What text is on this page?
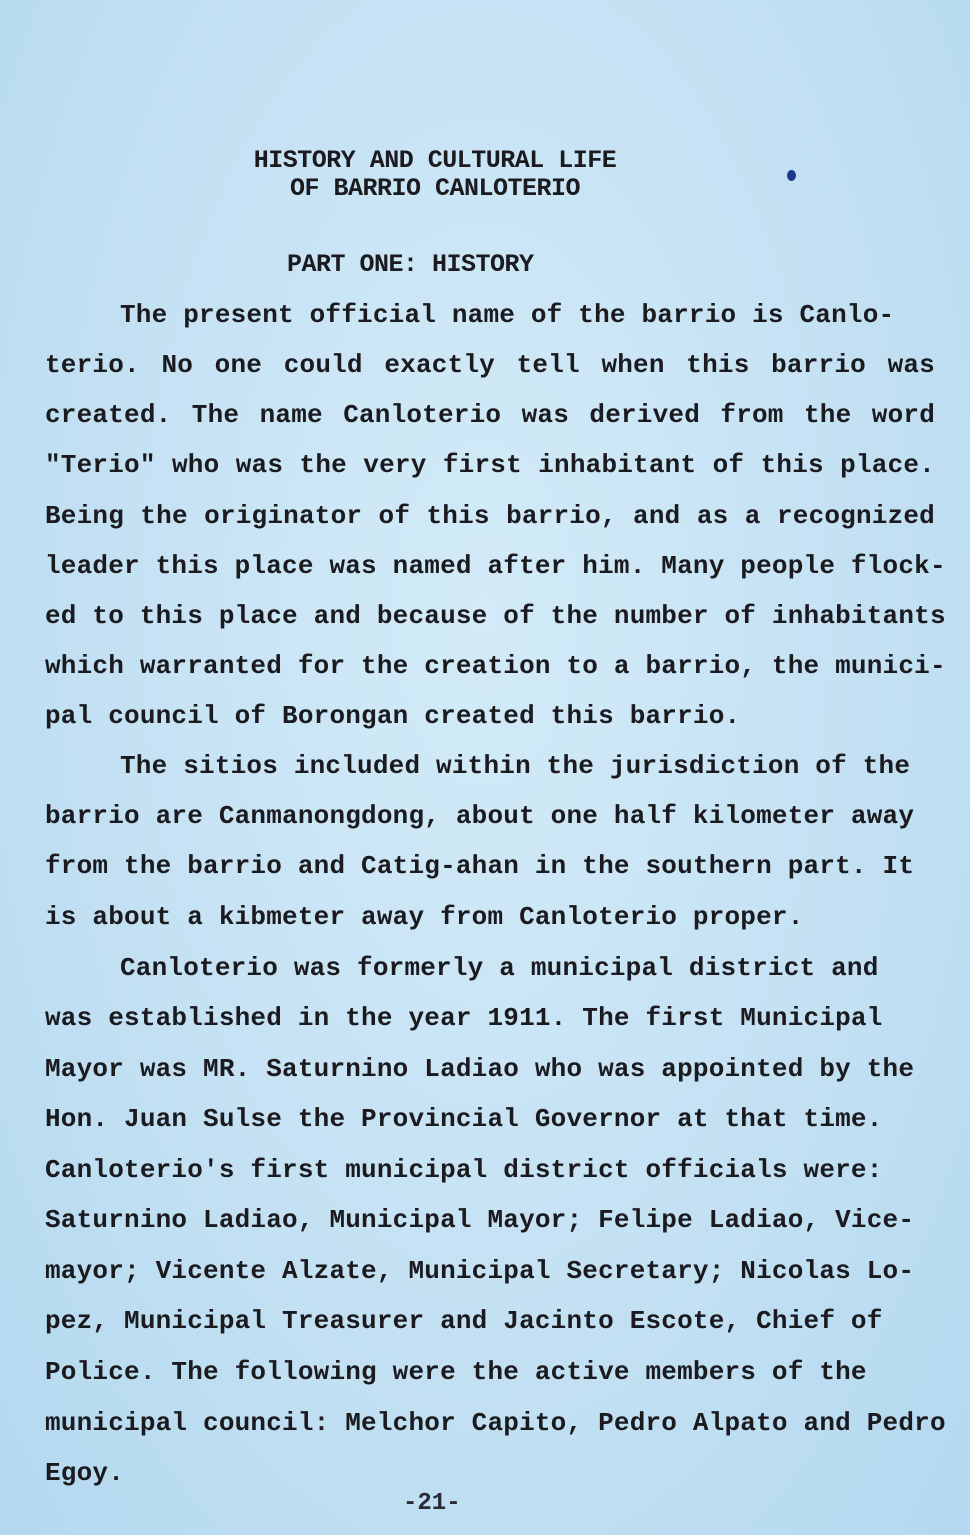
HISTORY AND CULTURAL LIFE
OF BARRIO CANLOTERIO
PART ONE: HISTORY
The present official name of the barrio is Canlo-
terio. No one could exactly tell when this barrio was
created. The name Canloterio was derived from the word
"Terio" who was the very first inhabitant of this place.
Being the originator of this barrio, and as a recognized
leader this place was named after him. Many people flock-
ed to this place and because of the number of inhabitants
which warranted for the creation to a barrio, the munici-
pal council of Borongan created this barrio.
The sitios included within the jurisdiction of the
barrio are Canmanongdong, about one half kilometer away
from the barrio and Catig-ahan in the southern part. It
is about a kibmeter away from Canloterio proper.
Canloterio was formerly a municipal district and
was established in the year 1911. The first Municipal
Mayor was MR. Saturnino Ladiao who was appointed by the
Hon. Juan Sulse the Provincial Governor at that time.
Canloterio's first municipal district officials were:
Saturnino Ladiao, Municipal Mayor; Felipe Ladiao, Vice-
mayor; Vicente Alzate, Municipal Secretary; Nicolas Lo-
pez, Municipal Treasurer and Jacinto Escote, Chief of
Police. The following were the active members of the
municipal council: Melchor Capito, Pedro Alpato and Pedro
Egoy.
-21-
